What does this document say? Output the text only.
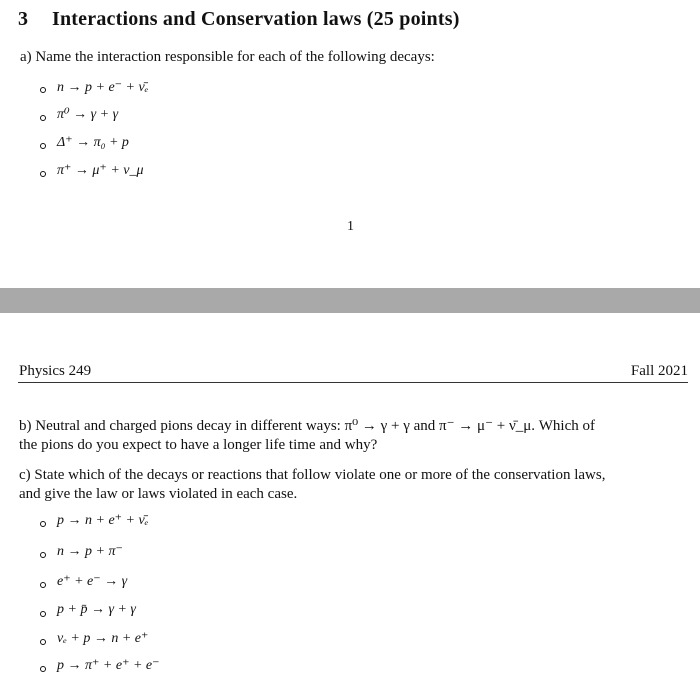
3 Interactions and Conservation laws (25 points)
a) Name the interaction responsible for each of the following decays:
n → p + e⁻ + ν̄ₑ
π⁰ → γ + γ
Δ⁺ → π₀ + p
π⁺ → μ⁺ + ν_μ
1
Physics 249	Fall 2021
b) Neutral and charged pions decay in different ways: π⁰ → γ + γ and π⁻ → μ⁻ + ν̄_μ. Which of
the pions do you expect to have a longer life time and why?
c) State which of the decays or reactions that follow violate one or more of the conservation laws,
and give the law or laws violated in each case.
p → n + e⁺ + ν̄ₑ
n → p + π⁻
e⁺ + e⁻ → γ
p + p̄ → γ + γ
νₑ + p → n + e⁺
p → π⁺ + e⁺ + e⁻
